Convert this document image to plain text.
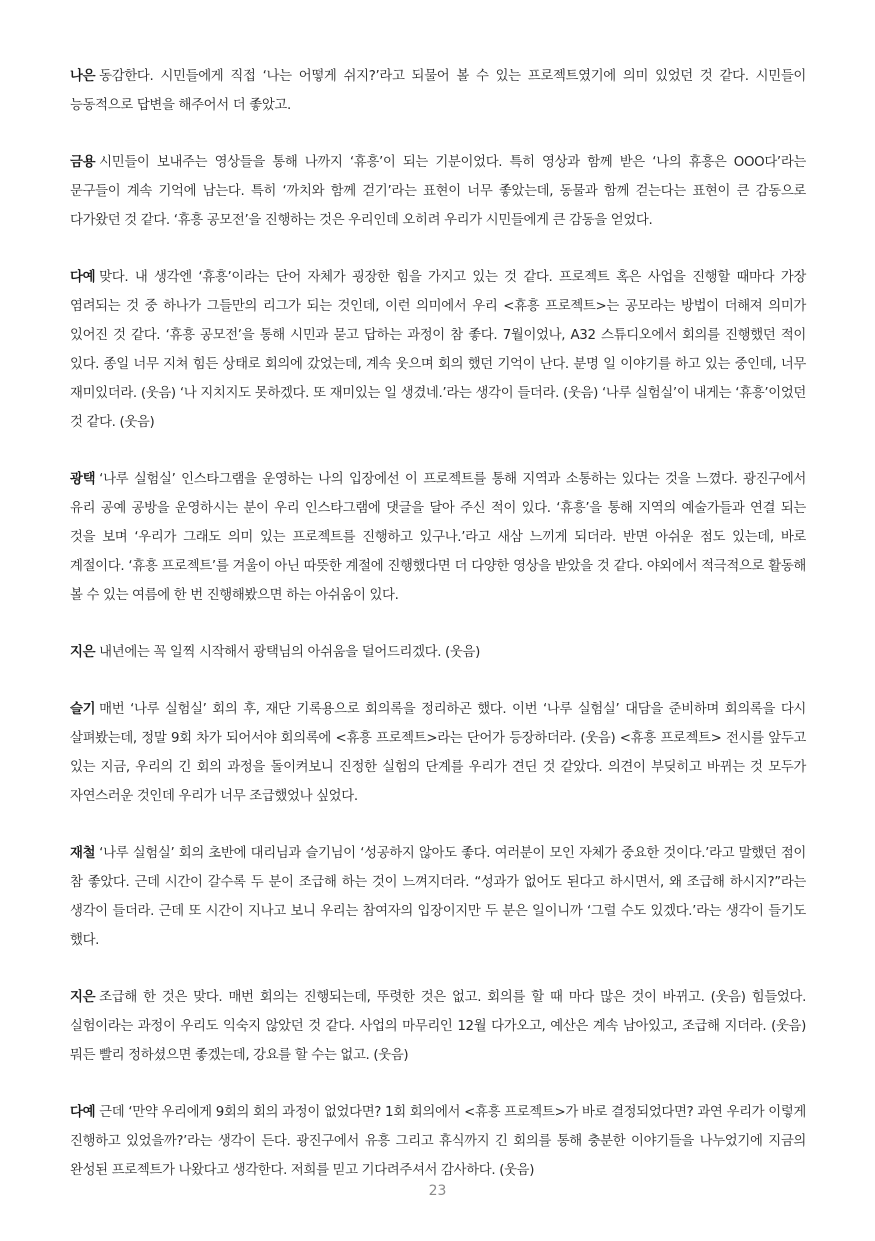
나은 동감한다. 시민들에게 직접 ‘나는 어떻게 쉬지?’라고 되물어 볼 수 있는 프로젝트였기에 의미 있었던 것 같다. 시민들이 능동적으로 답변을 해주어서 더 좋았고.

금용 시민들이 보내주는 영상들을 통해 나까지 ‘휴흥’이 되는 기분이었다. 특히 영상과 함께 받은 ‘나의 휴흥은 OOO다’라는 문구들이 계속 기억에 남는다. 특히 ‘까치와 함께 걷기’라는 표현이 너무 좋았는데, 동물과 함께 걷는다는 표현이 큰 감동으로 다가왔던 것 같다. ‘휴흥 공모전’을 진행하는 것은 우리인데 오히려 우리가 시민들에게 큰 감동을 얻었다.

다예 맞다. 내 생각엔 ‘휴흥’이라는 단어 자체가 굉장한 힘을 가지고 있는 것 같다. 프로젝트 혹은 사업을 진행할 때마다 가장 염려되는 것 중 하나가 그들만의 리그가 되는 것인데, 이런 의미에서 우리 <휴흥 프로젝트>는 공모라는 방법이 더해져 의미가 있어진 것 같다. ‘휴흥 공모전’을 통해 시민과 묻고 답하는 과정이 참 좋다. 7월이었나, A32 스튜디오에서 회의를 진행했던 적이 있다. 종일 너무 지쳐 힘든 상태로 회의에 갔었는데, 계속 웃으며 회의 했던 기억이 난다. 분명 일 이야기를 하고 있는 중인데, 너무 재미있더라. (웃음) ‘나 지치지도 못하겠다. 또 재미있는 일 생겼네.’라는 생각이 들더라. (웃음) ‘나루 실험실’이 내게는 ‘휴흥’이었던 것 같다. (웃음)

광택 ‘나루 실험실’ 인스타그램을 운영하는 나의 입장에선 이 프로젝트를 통해 지역과 소통하는 있다는 것을 느꼈다. 광진구에서 유리 공예 공방을 운영하시는 분이 우리 인스타그램에 댓글을 달아 주신 적이 있다. ‘휴흥’을 통해 지역의 예술가들과 연결 되는 것을 보며 ‘우리가 그래도 의미 있는 프로젝트를 진행하고 있구나.’라고 새삼 느끼게 되더라. 반면 아쉬운 점도 있는데, 바로 계절이다. ‘휴흥 프로젝트’를 겨울이 아닌 따뜻한 계절에 진행했다면 더 다양한 영상을 받았을 것 같다. 야외에서 적극적으로 활동해 볼 수 있는 여름에 한 번 진행해봤으면 하는 아쉬움이 있다.

지은 내년에는 꼭 일찍 시작해서 광택님의 아쉬움을 덜어드리겠다. (웃음)

슬기 매번 ‘나루 실험실’ 회의 후, 재단 기록용으로 회의록을 정리하곤 했다. 이번 ‘나루 실험실’ 대담을 준비하며 회의록을 다시 살펴봤는데, 정말 9회 차가 되어서야 회의록에 <휴흥 프로젝트>라는 단어가 등장하더라. (웃음) <휴흥 프로젝트> 전시를 앞두고 있는 지금, 우리의 긴 회의 과정을 돌이켜보니 진정한 실험의 단계를 우리가 견딘 것 같았다. 의견이 부딪히고 바뀌는 것 모두가 자연스러운 것인데 우리가 너무 조급했었나 싶었다.

재철 ‘나루 실험실’ 회의 초반에 대리님과 슬기님이 ‘성공하지 않아도 좋다. 여러분이 모인 자체가 중요한 것이다.’라고 말했던 점이 참 좋았다. 근데 시간이 갈수록 두 분이 조급해 하는 것이 느껴지더라. “성과가 없어도 된다고 하시면서, 왜 조급해 하시지?”라는 생각이 들더라. 근데 또 시간이 지나고 보니 우리는 참여자의 입장이지만 두 분은 일이니까 ‘그럴 수도 있겠다.’라는 생각이 들기도 했다.

지은 조급해 한 것은 맞다. 매번 회의는 진행되는데, 뚜렷한 것은 없고. 회의를 할 때 마다 많은 것이 바뀌고. (웃음) 힘들었다. 실험이라는 과정이 우리도 익숙지 않았던 것 같다. 사업의 마무리인 12월 다가오고, 예산은 계속 남아있고, 조급해 지더라. (웃음) 뭐든 빨리 정하셨으면 좋겠는데, 강요를 할 수는 없고. (웃음)

다예 근데 ‘만약 우리에게 9회의 회의 과정이 없었다면? 1회 회의에서 <휴흥 프로젝트>가 바로 결정되었다면? 과연 우리가 이렇게 진행하고 있었을까?’라는 생각이 든다. 광진구에서 유흥 그리고 휴식까지 긴 회의를 통해 충분한 이야기들을 나누었기에 지금의 완성된 프로젝트가 나왔다고 생각한다. 저희를 믿고 기다려주셔서 감사하다. (웃음)

23
